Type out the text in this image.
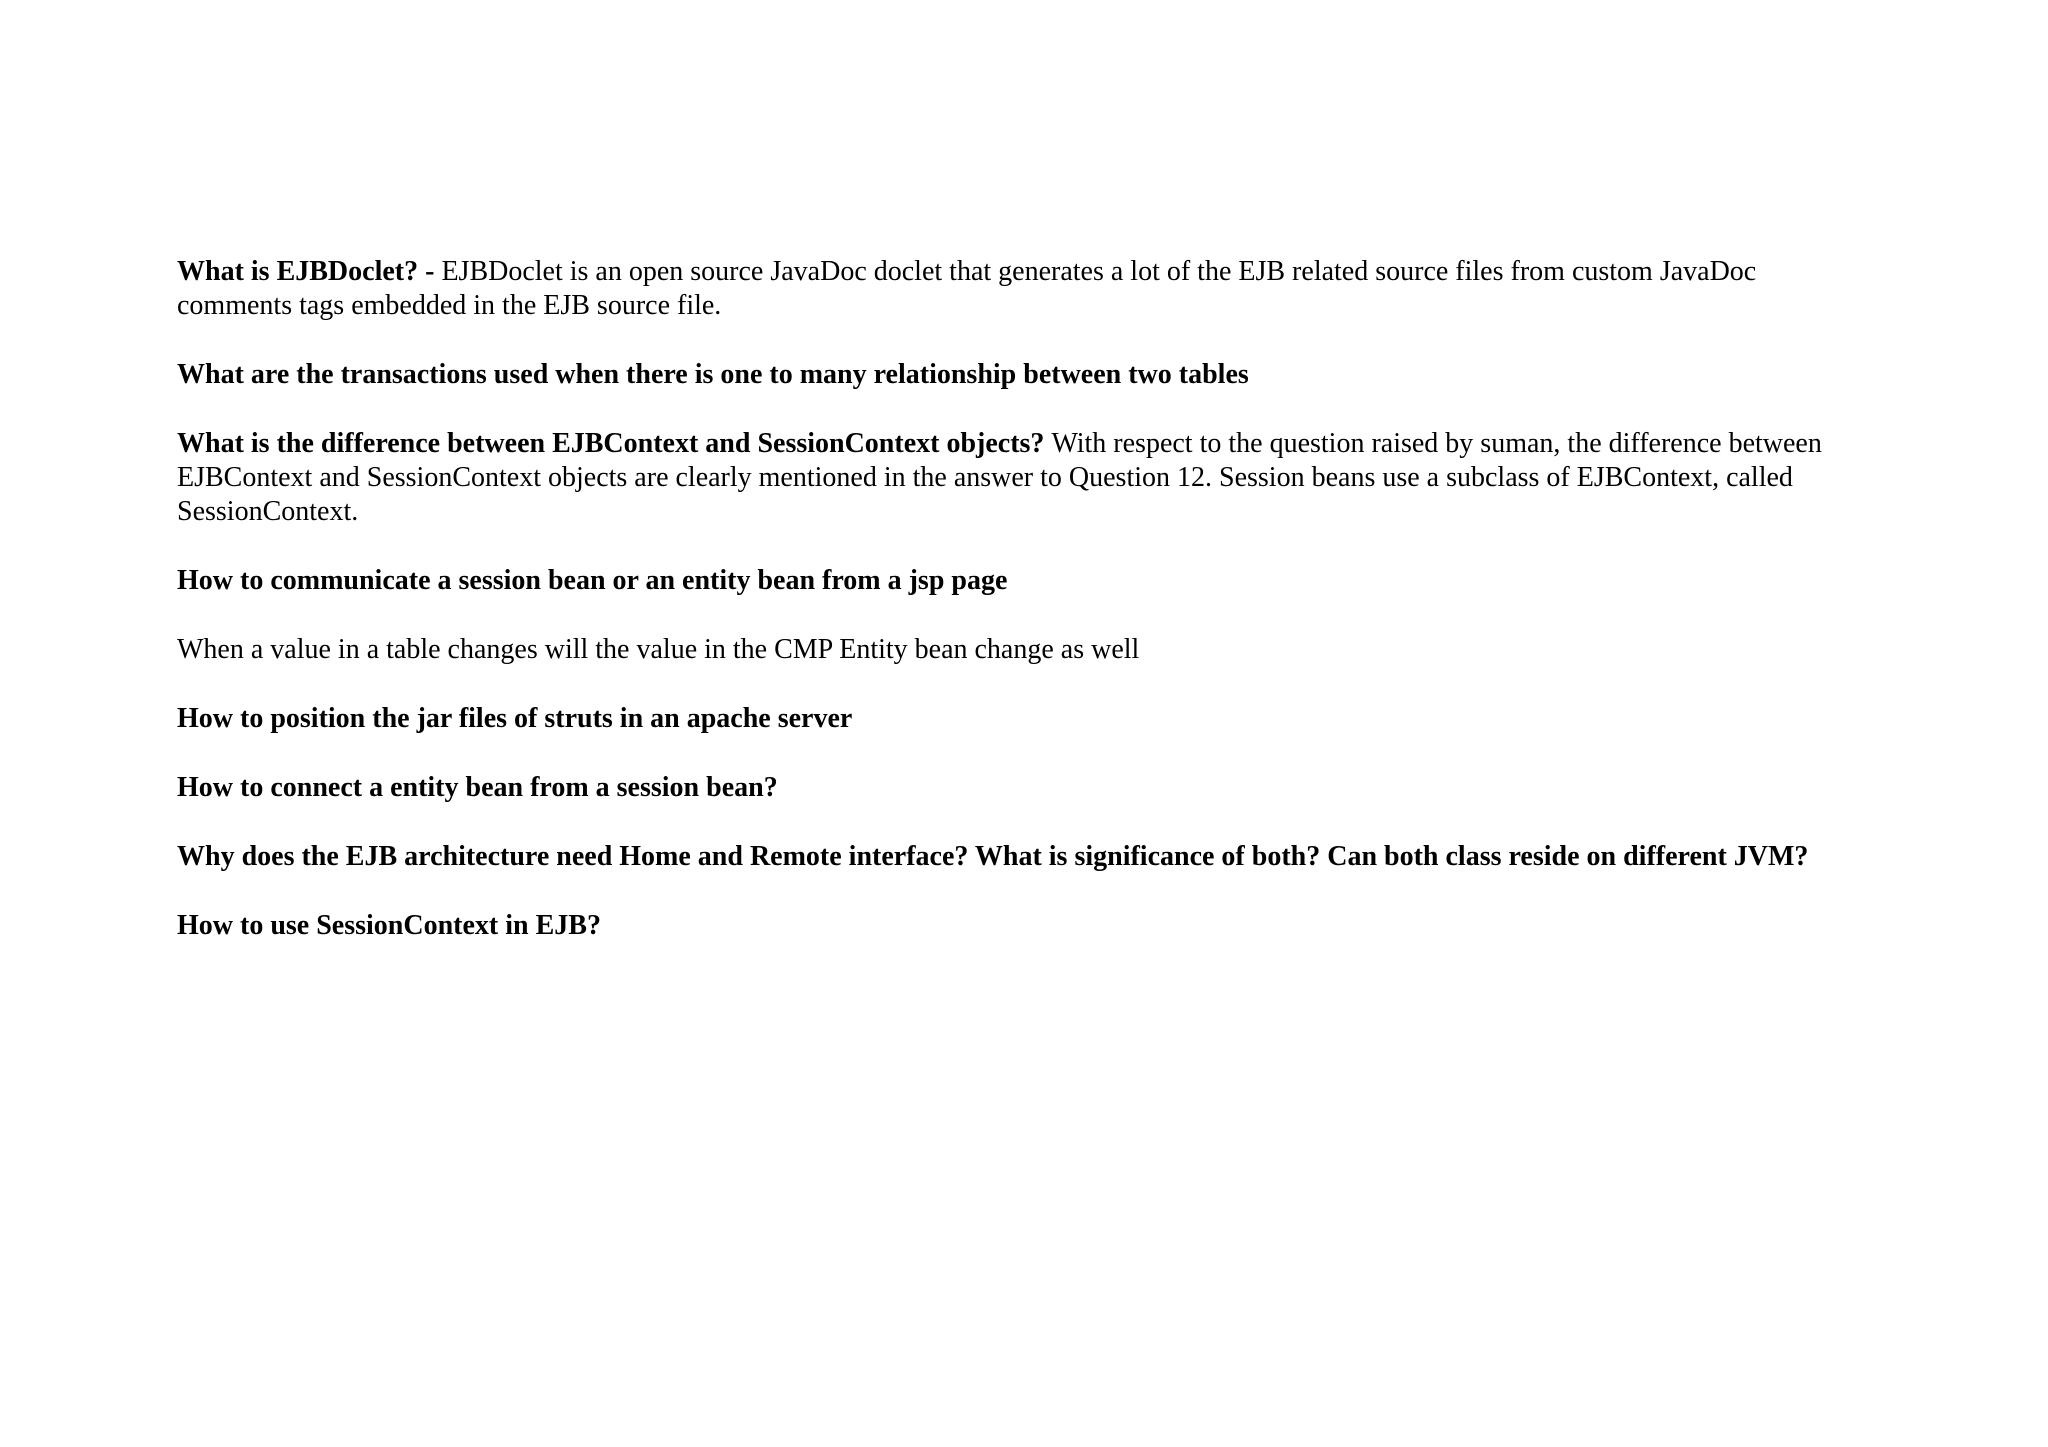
What is EJBDoclet? - EJBDoclet is an open source JavaDoc doclet that generates a lot of the EJB related source files from custom JavaDoc comments tags embedded in the EJB source file.

What are the transactions used when there is one to many relationship between two tables

What is the difference between EJBContext and SessionContext objects? With respect to the question raised by suman, the difference between EJBContext and SessionContext objects are clearly mentioned in the answer to Question 12. Session beans use a subclass of EJBContext, called SessionContext.

How to communicate a session bean or an entity bean from a jsp page

When a value in a table changes will the value in the CMP Entity bean change as well

How to position the jar files of struts in an apache server

How to connect a entity bean from a session bean?

Why does the EJB architecture need Home and Remote interface? What is significance of both? Can both class reside on different JVM?

How to use SessionContext in EJB?
